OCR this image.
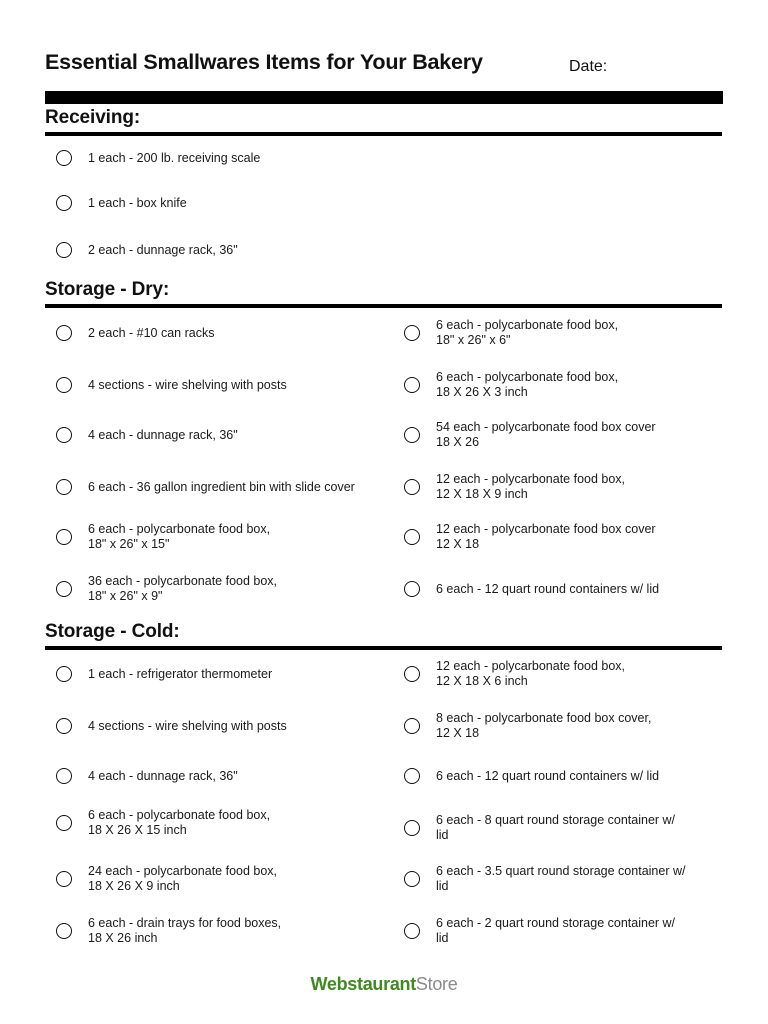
Essential Smallwares Items for Your Bakery	Date:
Receiving:
1 each - 200 lb. receiving scale
1 each - box knife
2 each - dunnage rack, 36"
Storage - Dry:
2 each - #10 can racks
4 sections - wire shelving with posts
4 each - dunnage rack, 36"
6 each - 36 gallon ingredient bin with slide cover
6 each - polycarbonate food box,
18" x 26" x 15"
36 each - polycarbonate food box,
18" x 26" x 9"
6 each - polycarbonate food box,
18" x 26" x 6"
6 each - polycarbonate food box,
18 X 26 X 3 inch
54 each - polycarbonate food box cover
18 X 26
12 each - polycarbonate food box,
12 X 18 X 9 inch
12 each - polycarbonate food box cover
12 X 18
6 each - 12 quart round containers w/ lid
Storage - Cold:
1 each - refrigerator thermometer
4 sections - wire shelving with posts
4 each - dunnage rack, 36"
6 each - polycarbonate food box,
18 X 26 X 15 inch
24 each - polycarbonate food box,
18 X 26 X 9 inch
6 each - drain trays for food boxes,
18 X 26 inch
12 each - polycarbonate food box,
12 X 18 X 6 inch
8 each - polycarbonate food box cover,
12 X 18
6 each - 12 quart round containers w/ lid
6 each - 8 quart round storage container w/
lid
6 each - 3.5 quart round storage container w/
lid
6 each - 2 quart round storage container w/
lid
WebstaurantStore
